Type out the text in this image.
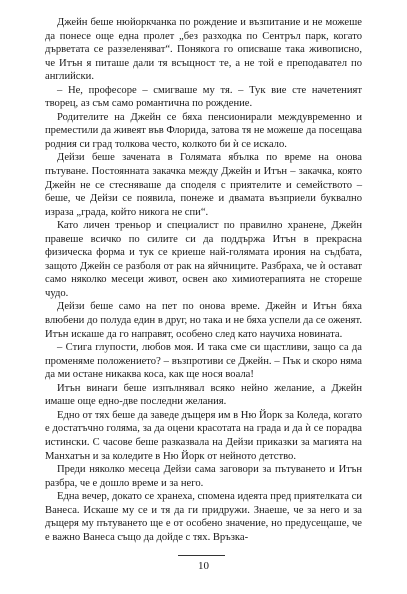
Джейн беше нюйоркчанка по рождение и възпитание и не можеше да понесе още една пролет „без разходка по Сентръл парк, когато дърветата се раззеленяват“. Понякога го описваше така живописно, че Итън я питаше дали тя всъщност те, а не той е преподавател по английски.

– Не, професоре – смигваше му тя. – Тук вие сте начетеният творец, аз съм само романтична по рождение.

Родителите на Джейн се бяха пенсионирали междувременно и преместили да живеят във Флорида, затова тя не можеше да посещава родния си град толкова често, колкото би ѝ се искало.

Дейзи беше зачената в Голямата ябълка по време на онова пътуване. Постоянната закачка между Джейн и Итън – закачка, която Джейн не се стесняваше да споделя с приятелите и семейството – беше, че Дейзи се появила, понеже и двамата възприели буквално израза „града, който никога не спи“.

Като личен треньор и специалист по правилно хранене, Джейн правеше всичко по силите си да поддържа Итън в прекрасна физическа форма и тук се криеше най-голямата ирония на съдбата, защото Джейн се разболя от рак на яйчниците. Разбраха, че ѝ остават само няколко месеци живот, освен ако химиотерапията не стореше чудо.

Дейзи беше само на пет по онова време. Джейн и Итън бяха влюбени до полуда един в друг, но така и не бяха успели да се оженят. Итън искаше да го направят, особено след като научиха новината.

– Стига глупости, любов моя. И така сме си щастливи, защо са да променяме положението? – възпротиви се Джейн. – Пък и скоро няма да ми остане никаква коса, как ще нося воала!

Итън винаги беше изпълнявал всяко нейно желание, а Джейн имаше още едно-две последни желания.

Едно от тях беше да заведе дъщеря им в Ню Йорк за Коледа, когато е достатъчно голяма, за да оцени красотата на града и да ѝ се порадва истински. С часове беше разказвала на Дейзи приказки за магията на Манхатън и за коледите в Ню Йорк от нейното детство.

Преди няколко месеца Дейзи сама заговори за пътуването и Итън разбра, че е дошло време и за него.

Една вечер, докато се хранеха, спомена идеята пред приятелката си Ванеса. Искаше му се и тя да ги придружи. Знаеше, че за него и за дъщеря му пътуването ще е от особено значение, но предусещаше, че е важно Ванеса също да дойде с тях. Връзка-

10
